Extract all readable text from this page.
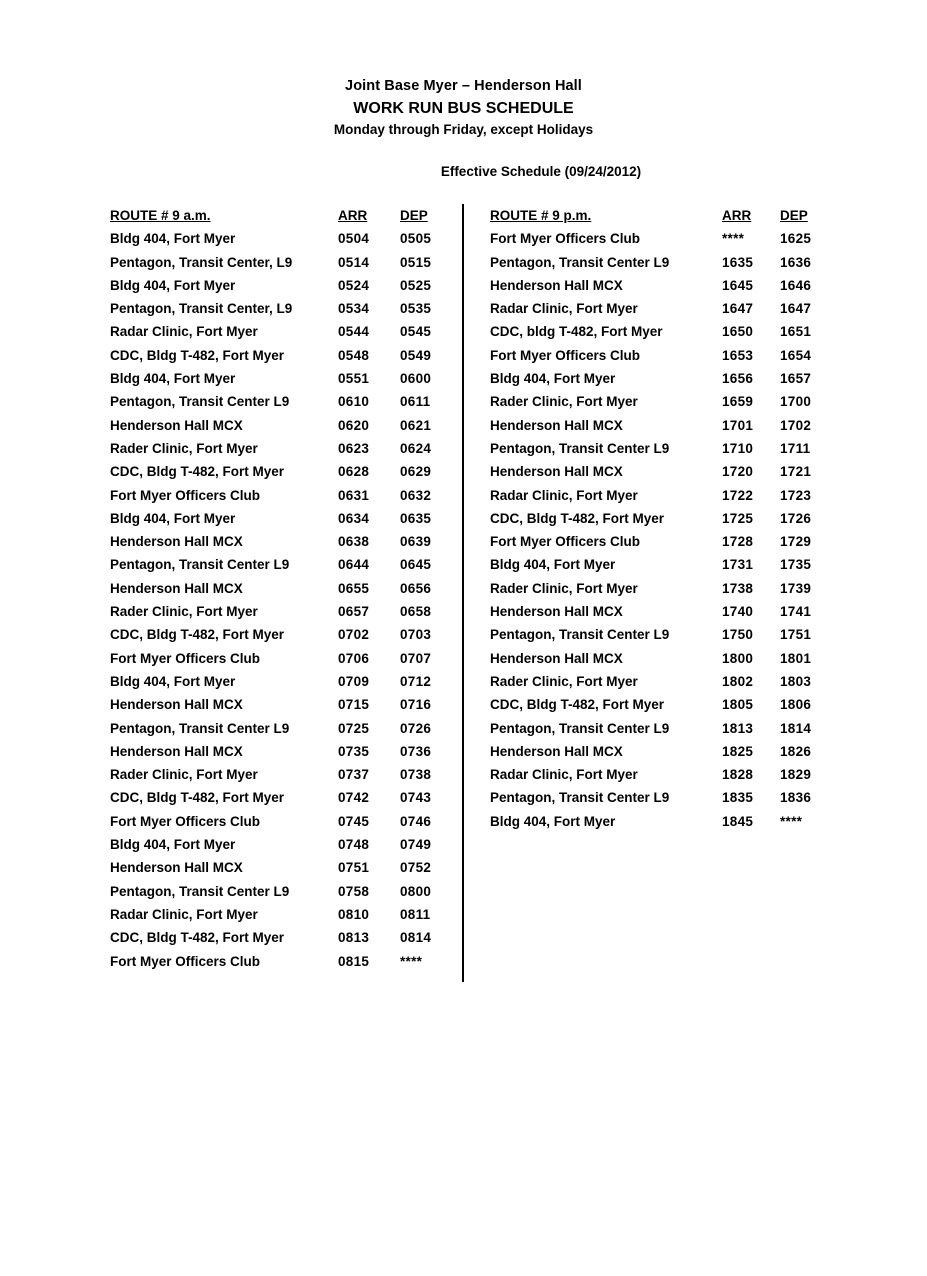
Joint Base Myer – Henderson Hall
WORK RUN BUS SCHEDULE
Monday through Friday, except Holidays
Effective Schedule (09/24/2012)
ROUTE # 9 a.m.	ARR	DEP
Bldg 404, Fort Myer	0504	0505
Pentagon, Transit Center, L9	0514	0515
Bldg 404, Fort Myer	0524	0525
Pentagon, Transit Center, L9	0534	0535
Radar Clinic, Fort Myer	0544	0545
CDC, Bldg T-482, Fort Myer	0548	0549
Bldg 404, Fort Myer	0551	0600
Pentagon, Transit Center L9	0610	0611
Henderson Hall MCX	0620	0621
Rader Clinic, Fort Myer	0623	0624
CDC, Bldg T-482, Fort Myer	0628	0629
Fort Myer Officers Club	0631	0632
Bldg 404, Fort Myer	0634	0635
Henderson Hall MCX	0638	0639
Pentagon, Transit Center L9	0644	0645
Henderson Hall MCX	0655	0656
Rader Clinic, Fort Myer	0657	0658
CDC, Bldg T-482, Fort Myer	0702	0703
Fort Myer Officers Club	0706	0707
Bldg 404, Fort Myer	0709	0712
Henderson Hall MCX	0715	0716
Pentagon, Transit Center L9	0725	0726
Henderson Hall MCX	0735	0736
Rader Clinic, Fort Myer	0737	0738
CDC, Bldg T-482, Fort Myer	0742	0743
Fort Myer Officers Club	0745	0746
Bldg 404, Fort Myer	0748	0749
Henderson Hall MCX	0751	0752
Pentagon, Transit Center L9	0758	0800
Radar Clinic, Fort Myer	0810	0811
CDC, Bldg T-482, Fort Myer	0813	0814
Fort Myer Officers Club	0815	****
ROUTE # 9 p.m.	ARR	DEP
Fort Myer Officers Club	****	1625
Pentagon, Transit Center L9	1635	1636
Henderson Hall MCX	1645	1646
Radar Clinic, Fort Myer	1647	1647
CDC, bldg T-482, Fort Myer	1650	1651
Fort Myer Officers Club	1653	1654
Bldg 404, Fort Myer	1656	1657
Rader Clinic, Fort Myer	1659	1700
Henderson Hall MCX	1701	1702
Pentagon, Transit Center L9	1710	1711
Henderson Hall MCX	1720	1721
Radar Clinic, Fort Myer	1722	1723
CDC, Bldg T-482, Fort Myer	1725	1726
Fort Myer Officers Club	1728	1729
Bldg 404, Fort Myer	1731	1735
Rader Clinic, Fort Myer	1738	1739
Henderson Hall MCX	1740	1741
Pentagon, Transit Center L9	1750	1751
Henderson Hall MCX	1800	1801
Rader Clinic, Fort Myer	1802	1803
CDC, Bldg T-482, Fort Myer	1805	1806
Pentagon, Transit Center L9	1813	1814
Henderson Hall MCX	1825	1826
Radar Clinic, Fort Myer	1828	1829
Pentagon, Transit Center L9	1835	1836
Bldg 404, Fort Myer	1845	****
